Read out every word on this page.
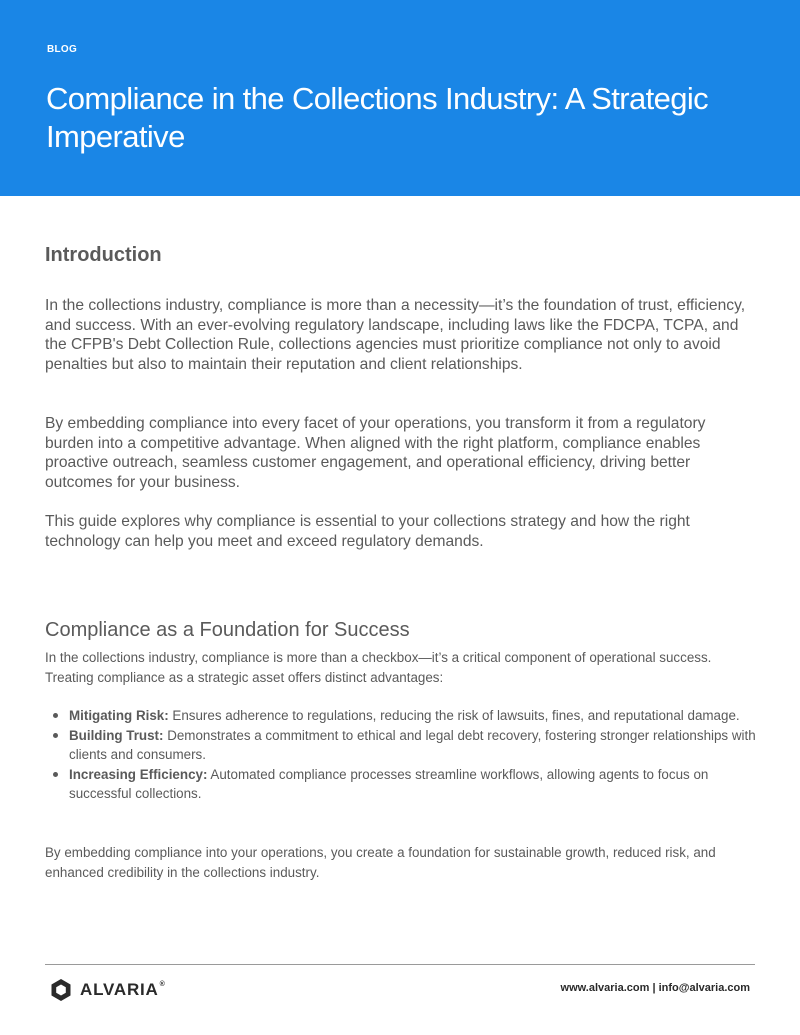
BLOG
Compliance in the Collections Industry: A Strategic Imperative
Introduction

In the collections industry, compliance is more than a necessity—it’s the foundation of trust, efficiency, and success. With an ever-evolving regulatory landscape, including laws like the FDCPA, TCPA, and the CFPB's Debt Collection Rule, collections agencies must prioritize compliance not only to avoid penalties but also to maintain their reputation and client relationships.

By embedding compliance into every facet of your operations, you transform it from a regulatory burden into a competitive advantage. When aligned with the right platform, compliance enables proactive outreach, seamless customer engagement, and operational efficiency, driving better outcomes for your business.

This guide explores why compliance is essential to your collections strategy and how the right technology can help you meet and exceed regulatory demands.

Compliance as a Foundation for Success

In the collections industry, compliance is more than a checkbox—it’s a critical component of operational success. Treating compliance as a strategic asset offers distinct advantages:

Mitigating Risk: Ensures adherence to regulations, reducing the risk of lawsuits, fines, and reputational damage.
Building Trust: Demonstrates a commitment to ethical and legal debt recovery, fostering stronger relationships with clients and consumers.
Increasing Efficiency: Automated compliance processes streamline workflows, allowing agents to focus on successful collections.

By embedding compliance into your operations, you create a foundation for sustainable growth, reduced risk, and enhanced credibility in the collections industry.

ALVARIA®	www.alvaria.com | info@alvaria.com
